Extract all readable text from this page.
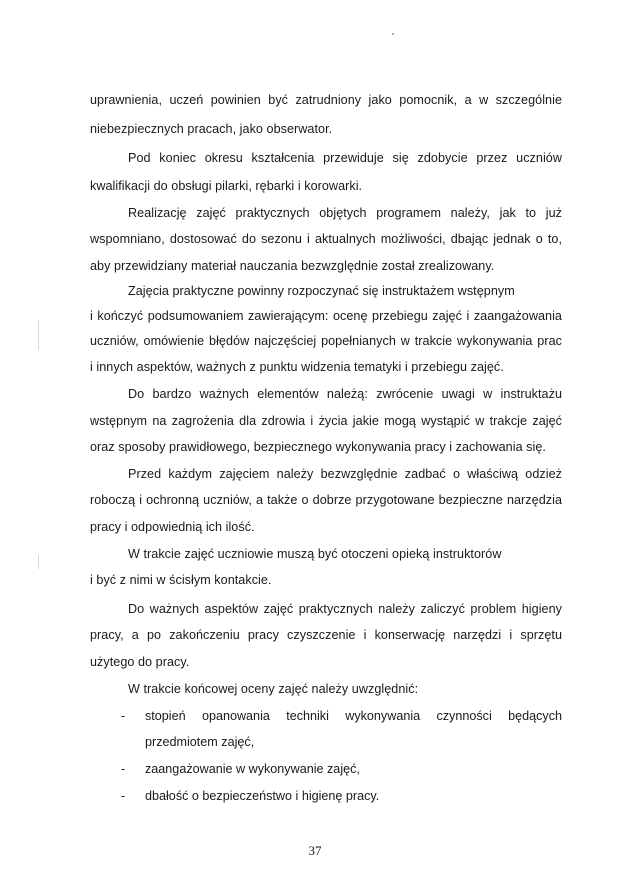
'
uprawnienia, uczeń powinien być zatrudniony jako pomocnik, a w szczególnie
niebezpiecznych pracach, jako obserwator.
Pod koniec okresu kształcenia przewiduje się zdobycie przez uczniów
kwalifikacji do obsługi pilarki, rębarki i korowarki.
Realizację zajęć praktycznych objętych programem należy, jak to już
wspomniano, dostosować do sezonu i aktualnych możliwości, dbając jednak o to,
aby przewidziany materiał nauczania bezwzględnie został zrealizowany.
Zajęcia praktyczne powinny rozpoczynać się instruktażem wstępnym
i kończyć podsumowaniem zawierającym: ocenę przebiegu zajęć i zaangażowania
uczniów, omówienie błędów najczęściej popełnianych w trakcie wykonywania prac
i innych aspektów, ważnych z punktu widzenia tematyki i przebiegu zajęć.
Do bardzo ważnych elementów należą: zwrócenie uwagi w instruktażu
wstępnym na zagrożenia dla zdrowia i życia jakie mogą wystąpić w trakcje zajęć
oraz sposoby prawidłowego, bezpiecznego wykonywania pracy i zachowania się.
Przed każdym zajęciem należy bezwzględnie zadbać o właściwą odzież
roboczą i ochronną uczniów, a także o dobrze przygotowane bezpieczne narzędzia
pracy i odpowiednią ich ilość.
W trakcie zajęć uczniowie muszą być otoczeni opieką instruktorów
i być z nimi w ścisłym kontakcie.
Do ważnych aspektów zajęć praktycznych należy zaliczyć problem higieny
pracy, a po zakończeniu pracy czyszczenie i konserwację narzędzi i sprzętu
użytego do pracy.
W trakcie końcowej oceny zajęć należy uwzględnić:
- stopień opanowania techniki wykonywania czynności będących
przedmiotem zajęć,
- zaangażowanie w wykonywanie zajęć,
- dbałość o bezpieczeństwo i higienę pracy.
37
